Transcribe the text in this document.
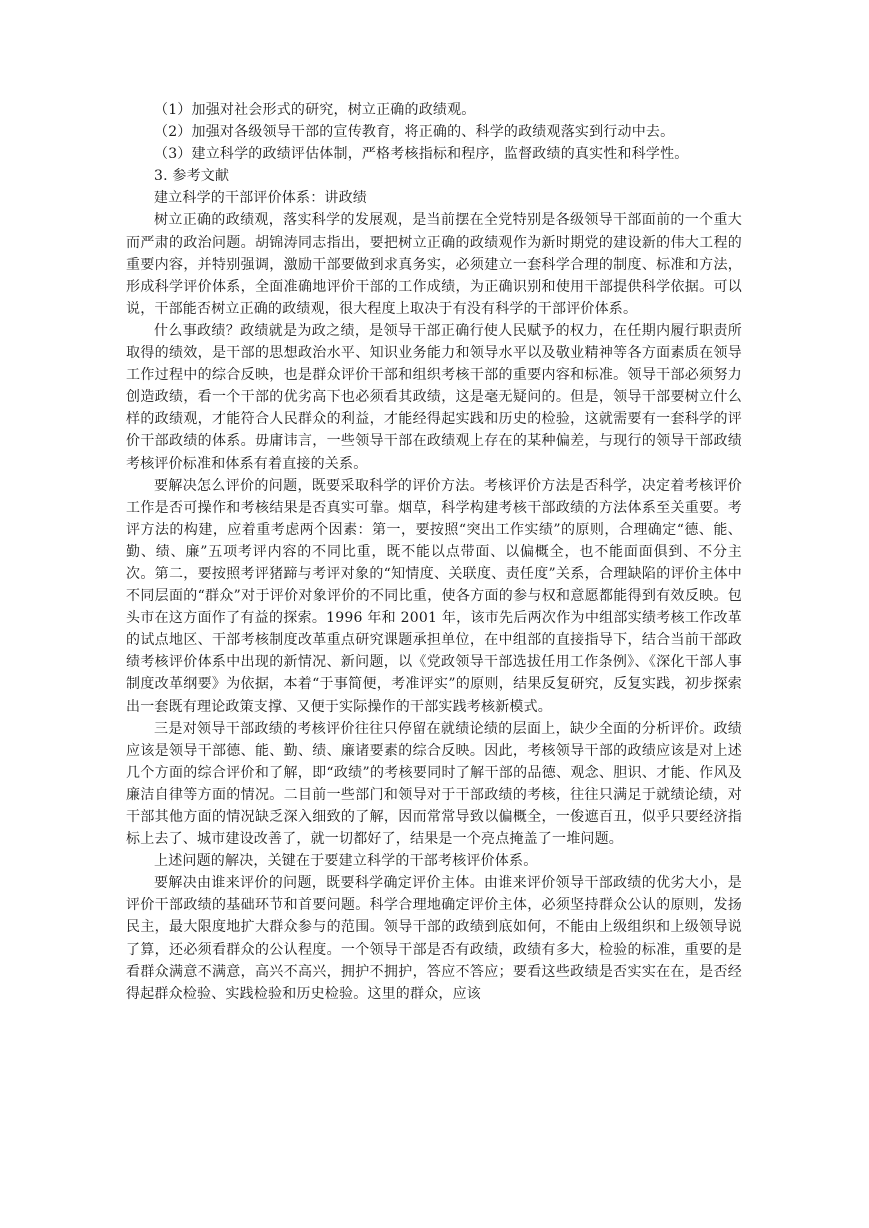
（1）加强对社会形式的研究，树立正确的政绩观。

（2）加强对各级领导干部的宣传教育，将正确的、科学的政绩观落实到行动中去。

（3）建立科学的政绩评估体制，严格考核指标和程序，监督政绩的真实性和科学性。

3. 参考文献

建立科学的干部评价体系：讲政绩

树立正确的政绩观，落实科学的发展观，是当前摆在全党特别是各级领导干部面前的一个重大而严肃的政治问题。胡锦涛同志指出，要把树立正确的政绩观作为新时期党的建设新的伟大工程的重要内容，并特别强调，激励干部要做到求真务实，必须建立一套科学合理的制度、标准和方法，形成科学评价体系，全面准确地评价干部的工作成绩，为正确识别和使用干部提供科学依据。可以说，干部能否树立正确的政绩观，很大程度上取决于有没有科学的干部评价体系。

什么事政绩？政绩就是为政之绩，是领导干部正确行使人民赋予的权力，在任期内履行职责所取得的绩效，是干部的思想政治水平、知识业务能力和领导水平以及敬业精神等各方面素质在领导工作过程中的综合反映，也是群众评价干部和组织考核干部的重要内容和标准。领导干部必须努力创造政绩，看一个干部的优劣高下也必须看其政绩，这是毫无疑问的。但是，领导干部要树立什么样的政绩观，才能符合人民群众的利益，才能经得起实践和历史的检验，这就需要有一套科学的评价干部政绩的体系。毋庸讳言，一些领导干部在政绩观上存在的某种偏差，与现行的领导干部政绩考核评价标准和体系有着直接的关系。

要解决怎么评价的问题，既要采取科学的评价方法。考核评价方法是否科学，决定着考核评价工作是否可操作和考核结果是否真实可靠。烟草，科学构建考核干部政绩的方法体系至关重要。考评方法的构建，应着重考虑两个因素：第一，要按照“突出工作实绩”的原则，合理确定“德、能、勤、绩、廉”五项考评内容的不同比重，既不能以点带面、以偏概全，也不能面面俱到、不分主次。第二，要按照考评猪蹄与考评对象的“知情度、关联度、责任度”关系，合理缺陷的评价主体中不同层面的“群众”对于评价对象评价的不同比重，使各方面的参与权和意愿都能得到有效反映。包头市在这方面作了有益的探索。1996 年和 2001 年，该市先后两次作为中组部实绩考核工作改革的试点地区、干部考核制度改革重点研究课题承担单位，在中组部的直接指导下，结合当前干部政绩考核评价体系中出现的新情况、新问题，以《党政领导干部选拔任用工作条例》、《深化干部人事制度改革纲要》为依据，本着“于事简便，考准评实”的原则，结果反复研究，反复实践，初步探索出一套既有理论政策支撑、又便于实际操作的干部实践考核新模式。

三是对领导干部政绩的考核评价往往只停留在就绩论绩的层面上，缺少全面的分析评价。政绩应该是领导干部德、能、勤、绩、廉诸要素的综合反映。因此，考核领导干部的政绩应该是对上述几个方面的综合评价和了解，即“政绩”的考核要同时了解干部的品德、观念、胆识、才能、作风及廉洁自律等方面的情况。二目前一些部门和领导对于干部政绩的考核，往往只满足于就绩论绩，对干部其他方面的情况缺乏深入细致的了解，因而常常导致以偏概全，一俊遮百丑，似乎只要经济指标上去了、城市建设改善了，就一切都好了，结果是一个亮点掩盖了一堆问题。

上述问题的解决，关键在于要建立科学的干部考核评价体系。

要解决由谁来评价的问题，既要科学确定评价主体。由谁来评价领导干部政绩的优劣大小，是评价干部政绩的基础环节和首要问题。科学合理地确定评价主体，必须坚持群众公认的原则，发扬民主，最大限度地扩大群众参与的范围。领导干部的政绩到底如何，不能由上级组织和上级领导说了算，还必须看群众的公认程度。一个领导干部是否有政绩，政绩有多大，检验的标准，重要的是看群众满意不满意，高兴不高兴，拥护不拥护，答应不答应；要看这些政绩是否实实在在，是否经得起群众检验、实践检验和历史检验。这里的群众，应该
